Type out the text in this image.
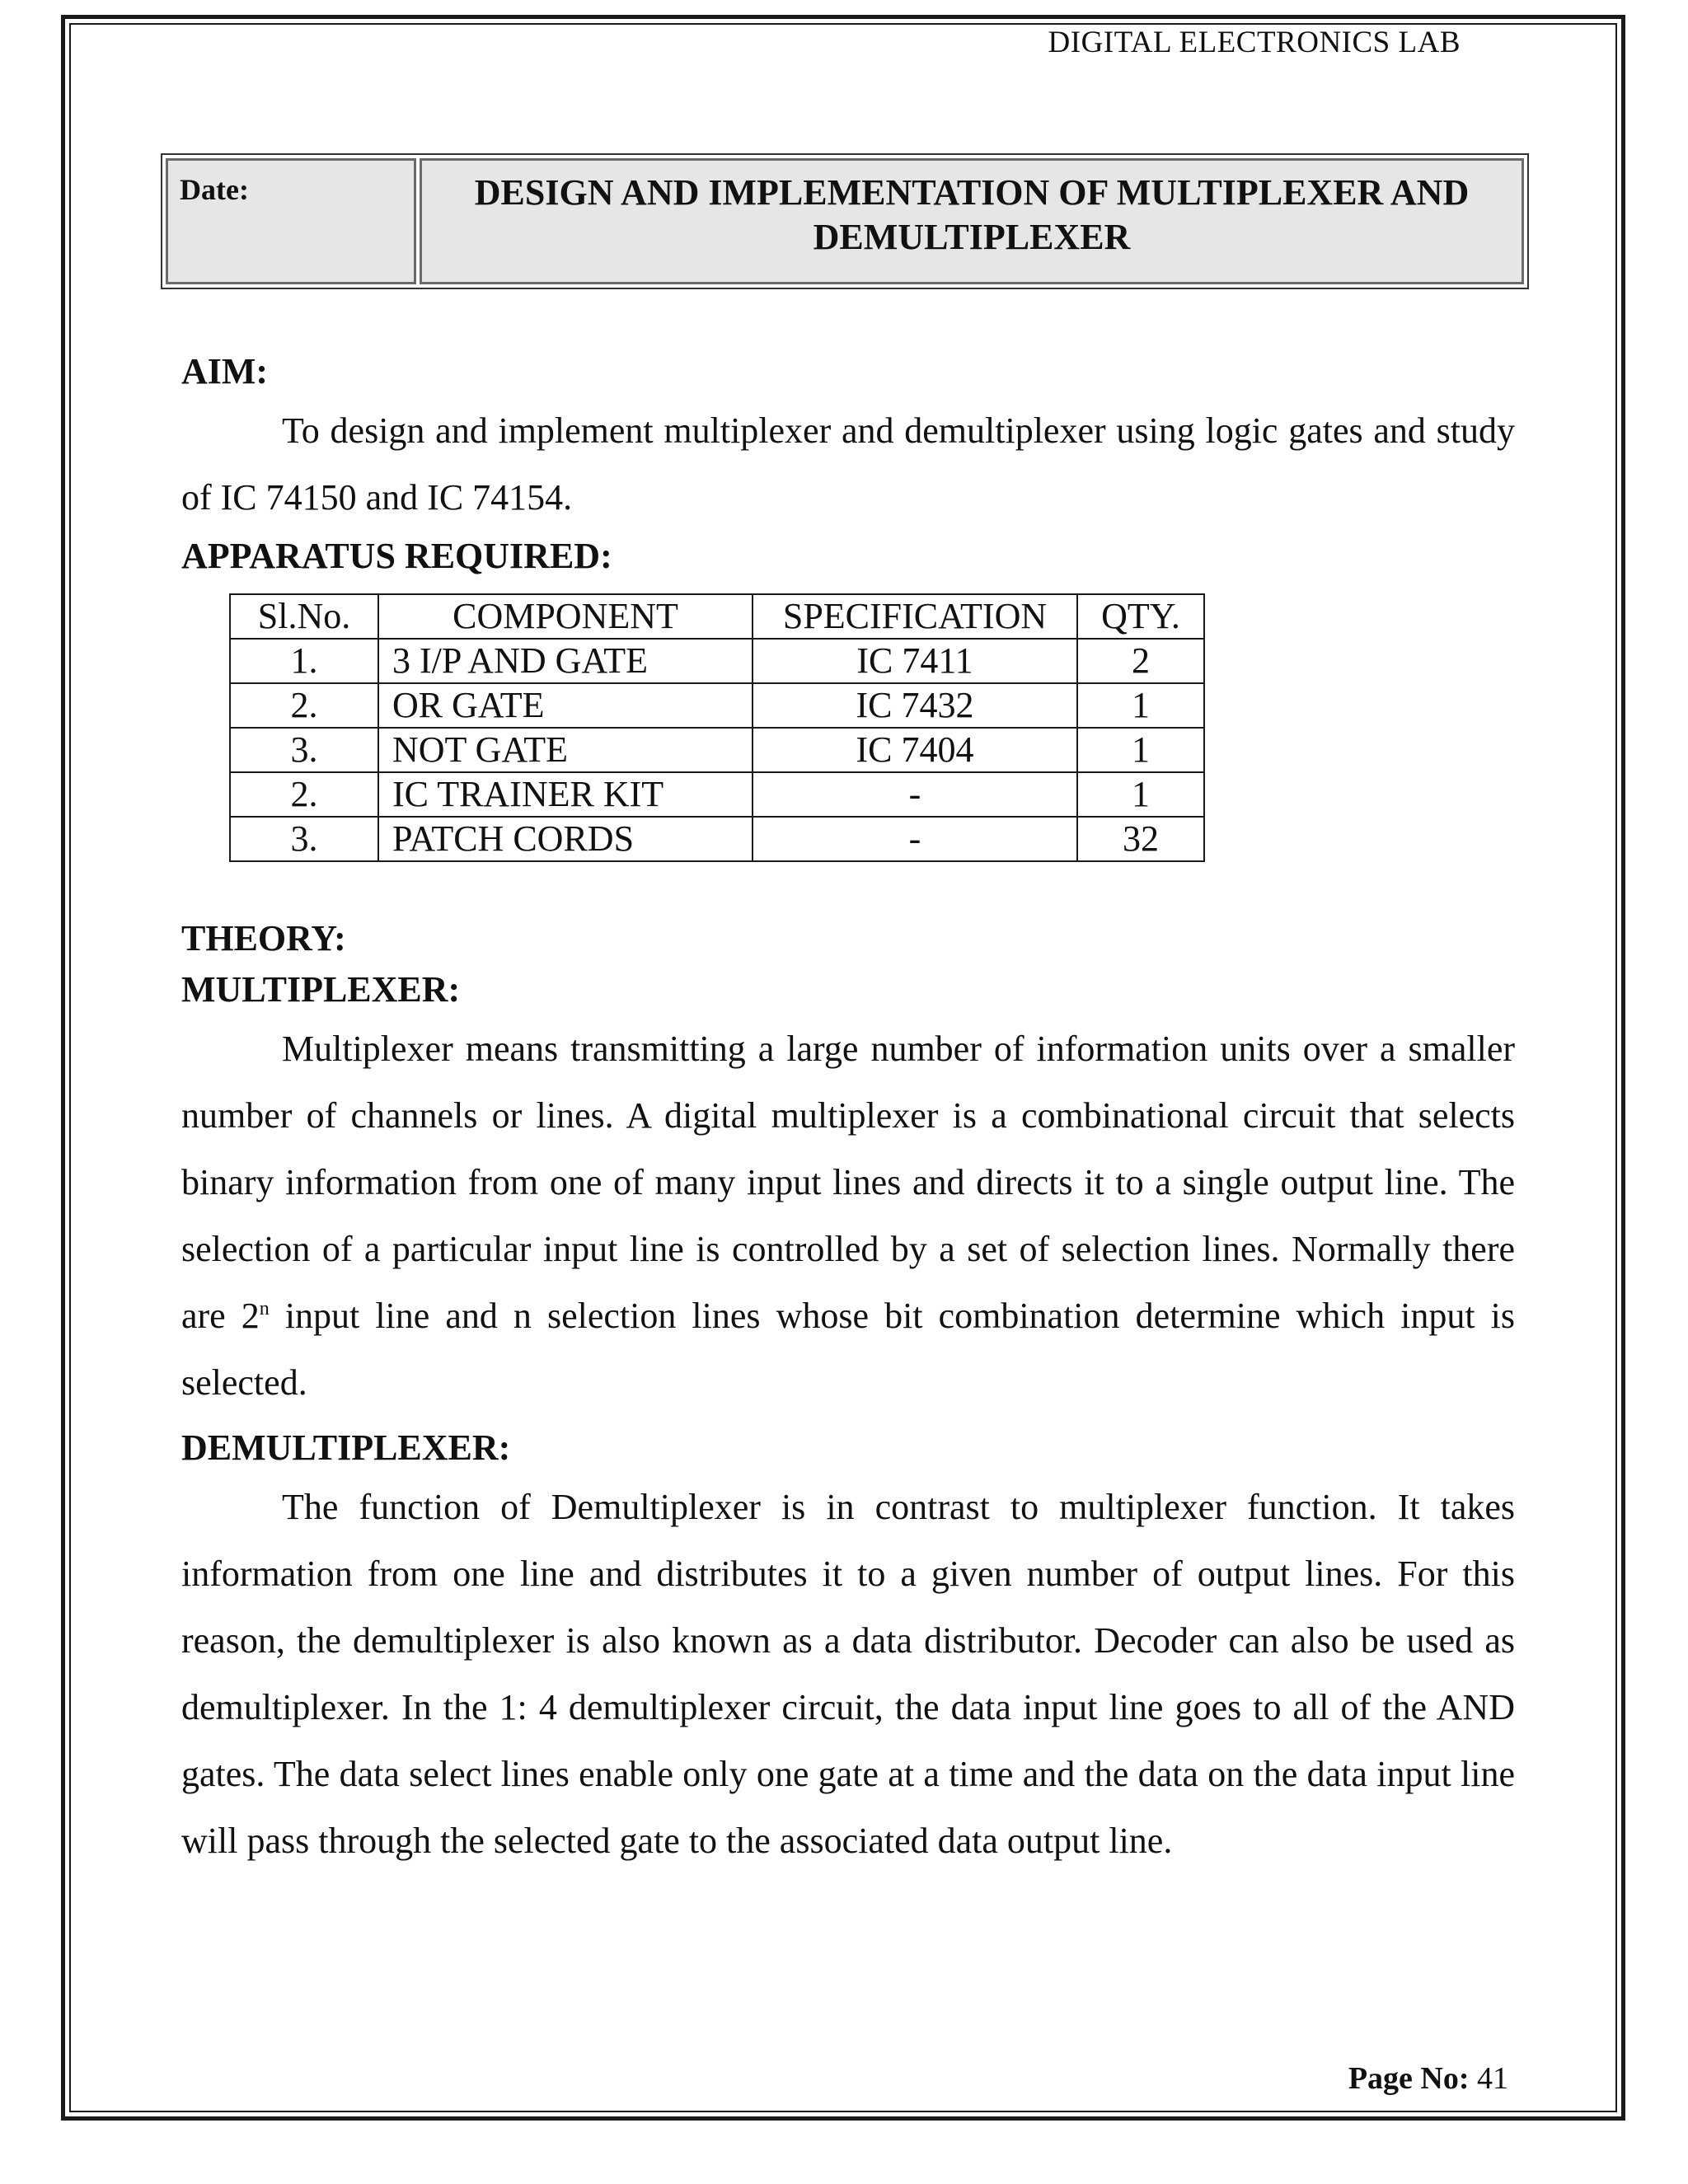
DIGITAL ELECTRONICS LAB
Date:	DESIGN AND IMPLEMENTATION OF MULTIPLEXER AND
DEMULTIPLEXER
AIM:
To design and implement multiplexer and demultiplexer using logic gates and study of IC 74150 and IC 74154.
APPARATUS REQUIRED:
Sl.No.	COMPONENT	SPECIFICATION	QTY.
1.	3 I/P AND GATE	IC 7411	2
2.	OR GATE	IC 7432	1
3.	NOT GATE	IC 7404	1
2.	IC TRAINER KIT	-	1
3.	PATCH CORDS	-	32
THEORY:
MULTIPLEXER:
Multiplexer means transmitting a large number of information units over a smaller number of channels or lines. A digital multiplexer is a combinational circuit that selects binary information from one of many input lines and directs it to a single output line. The selection of a particular input line is controlled by a set of selection lines. Normally there are 2$^n$ input line and n selection lines whose bit combination determine which input is selected.
DEMULTIPLEXER:
The function of Demultiplexer is in contrast to multiplexer function. It takes information from one line and distributes it to a given number of output lines. For this reason, the demultiplexer is also known as a data distributor. Decoder can also be used as demultiplexer. In the 1: 4 demultiplexer circuit, the data input line goes to all of the AND gates. The data select lines enable only one gate at a time and the data on the data input line will pass through the selected gate to the associated data output line.
Page No: 41
